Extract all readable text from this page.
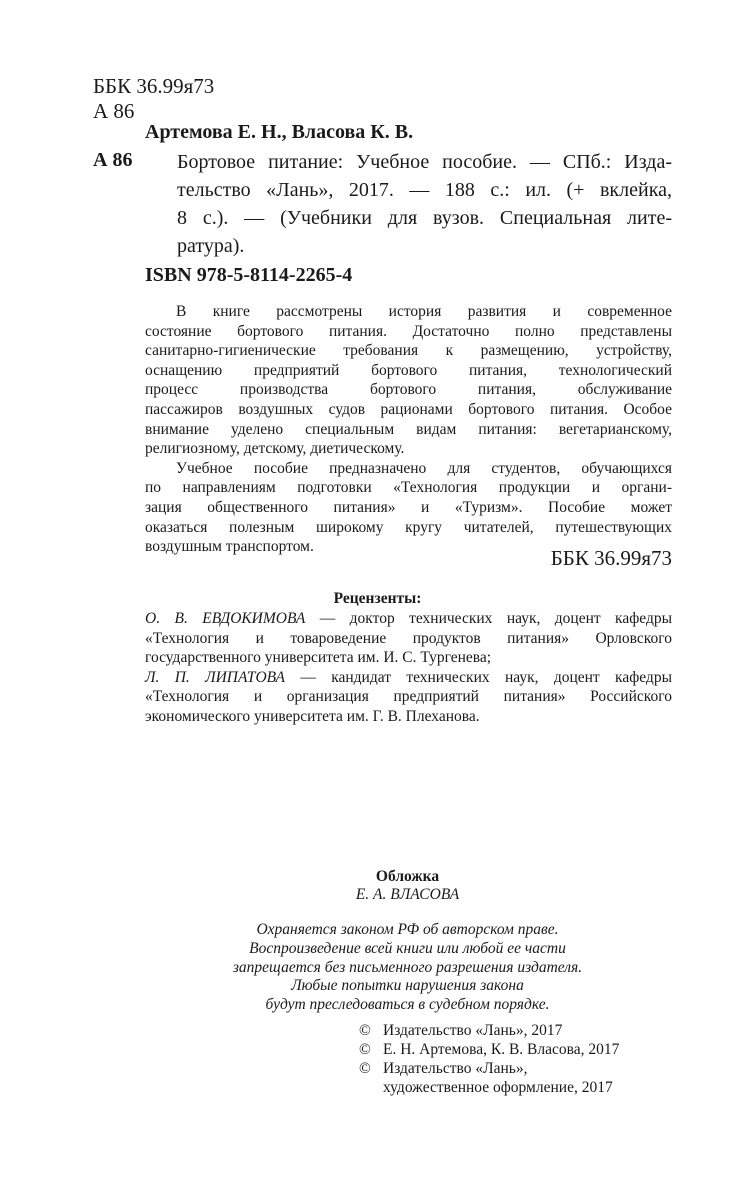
ББК 36.99я73
А 86
Артемова Е. Н., Власова К. В.
А 86 Бортовое питание: Учебное пособие. — СПб.: Изда-
тельство «Лань», 2017. — 188 с.: ил. (+ вклейка,
8 с.). — (Учебники для вузов. Специальная лите-
ратура).
ISBN 978-5-8114-2265-4
В книге рассмотрены история развития и современное
состояние бортового питания. Достаточно полно представлены
санитарно-гигиенические требования к размещению, устройству,
оснащению предприятий бортового питания, технологический
процесс производства бортового питания, обслуживание
пассажиров воздушных судов рационами бортового питания. Особое
внимание уделено специальным видам питания: вегетарианскому,
религиозному, детскому, диетическому.
Учебное пособие предназначено для студентов, обучающихся
по направлениям подготовки «Технология продукции и органи-
зация общественного питания» и «Туризм». Пособие может
оказаться полезным широкому кругу читателей, путешествующих
воздушным транспортом.	ББК 36.99я73
Рецензенты:
О. В. ЕВДОКИМОВА — доктор технических наук, доцент кафедры
«Технология и товароведение продуктов питания» Орловского
государственного университета им. И. С. Тургенева;
Л. П. ЛИПАТОВА — кандидат технических наук, доцент кафедры
«Технология и организация предприятий питания» Российского
экономического университета им. Г. В. Плеханова.
Обложка
Е. А. ВЛАСОВА
Охраняется законом РФ об авторском праве.
Воспроизведение всей книги или любой ее части
запрещается без письменного разрешения издателя.
Любые попытки нарушения закона
будут преследоваться в судебном порядке.
© Издательство «Лань», 2017
© Е. Н. Артемова, К. В. Власова, 2017
© Издательство «Лань»,
художественное оформление, 2017
